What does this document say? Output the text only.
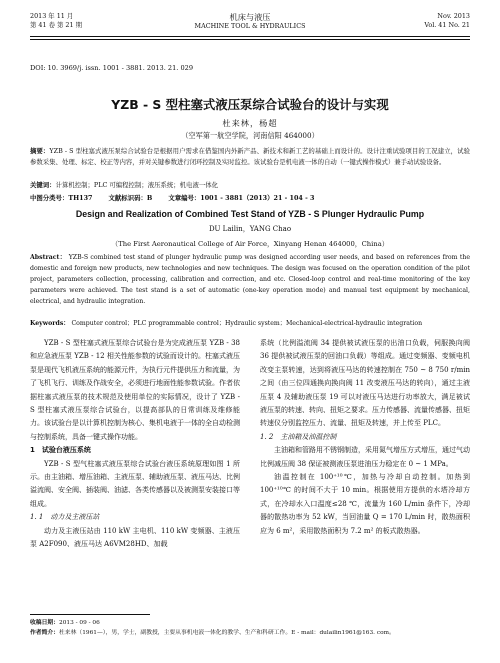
2013 年 11 月
第 41 卷 第 21 期
机床与液压
MACHINE TOOL & HYDRAULICS
Nov. 2013
Vol. 41 No. 21
DOI: 10. 3969/j. issn. 1001 - 3881. 2013. 21. 029
YZB - S 型柱塞式液压泵综合试验台的设计与实现
杜来林，杨超
（空军第一航空学院，河南信阳 464000）
摘要：YZB - S 型柱塞式液压泵综合试验台是根据用户需求在借鉴国内外新产品、新技术和新工艺的基础上而设计的。设计注重试验项目的工况建立，试验参数采集、处理、标定、校正等内容，并对关键参数进行闭环控制及实时监控。该试验台是机电液一体的自动（一键式操作模式）兼手动试验设备。
关键词：计算机控制；PLC 可编程控制；液压系统；机电液一体化
中图分类号：TH137	文献标识码：B	文章编号：1001 - 3881（2013）21 - 104 - 3
Design and Realization of Combined Test Stand of YZB - S Plunger Hydraulic Pump
DU Lailin，YANG Chao
（The First Aeronautical College of Air Force，Xinyang Henan 464000，China）
Abstract： YZB-S combined test stand of plunger hydraulic pump was designed according user needs, and based on references from the domestic and foreign new products, new technologies and new techniques. The design was focused on the operation condition of the pilot project, parameters collection, processing, calibration and correction, and etc. Closed-loop control and real-time monitoring of the key parameters were achieved. The test stand is a set of automatic (one-key operation mode) and manual test equipment by mechanical, electrical, and hydraulic integration.
Keywords： Computer control；PLC programmable control；Hydraulic system；Mechanical-electrical-hydraulic integration

YZB - S 型柱塞式液压泵综合试验台是为完成液压泵 YZB - 38 和应急液压泵 YZB - 12 相关性能参数的试验而设计的。柱塞式液压泵是现代飞机液压系统的能源元件，为执行元件提供压力和流量，为了飞机飞行、训练及作战安全，必须进行地面性能参数试验。作者依据柱塞式液压泵的技术规范及使用单位的实际情况，设计了 YZB - S 型柱塞式液压泵综合试验台，以提高部队的日常训练及维修能力。该试验台是以计算机控制为核心、集机电液于一体的全自动检测与控制系统，具备一键式操作功能。

1　试验台液压系统

YZB - S 型气柱塞式液压泵综合试验台液压系统原理如图 1 所示。由主油箱、增压油箱、主液压泵、辅助液压泵、液压马达、比例溢流阀、安全阀、插装阀、油滤、各类传感器以及被测泵安装接口等组成。

1. 1　动力及主液压站

动力及主液压站由 110 kW 主电机、110 kW 变频器、主液压泵 A2F090、液压马达 A6VM28HD、加载

系统（比例溢流阀 34 提供被试液压泵的出油口负载，伺服换向阀 36 提供被试液压泵的回油口负载）等组成。通过变频器、变频电机改变主泵转速，达到将液压马达的转速控制在 750 ~ 8 750 r/min 之间（由三位四通换向换向阀 11 改变液压马达的转向），通过主液压泵 4 及辅助液压泵 19 可以对液压马达进行功率放大，满足被试液压泵的转速、转向、扭矩之要求。压力传感器、流量传感器、扭矩转速仪分别监控压力、流量、扭矩及转速，并上传至 PLC。

1. 2　主油箱及油温控制

主油箱和管路用不锈钢制造，采用氮气增压方式增压，通过气动比例减压阀 38 保证被测液压泵进油压力稳定在 0 ~ 1 MPa。

油温控制在 100⁺¹⁰℃，加热与冷却自动控制。加热到 100⁺¹⁰℃ 的时间不大于 10 min。根据使用方提供的水塔冷却方式，在冷却水入口温度≤28 ℃，流量为 160 L/min 条件下，冷却器的散热功率为 52 kW，当回油量 Q = 170 L/min 时，散热面积应为 6 m²，采用散热面积为 7.2 m² 的板式散热器。

收稿日期：2013 - 09 - 06
作者简介：杜来林（1961—），男，学士，副教授，主要从事机电液一体化的教学、生产和科研工作。E - mail：dulailin1961@163. com。
